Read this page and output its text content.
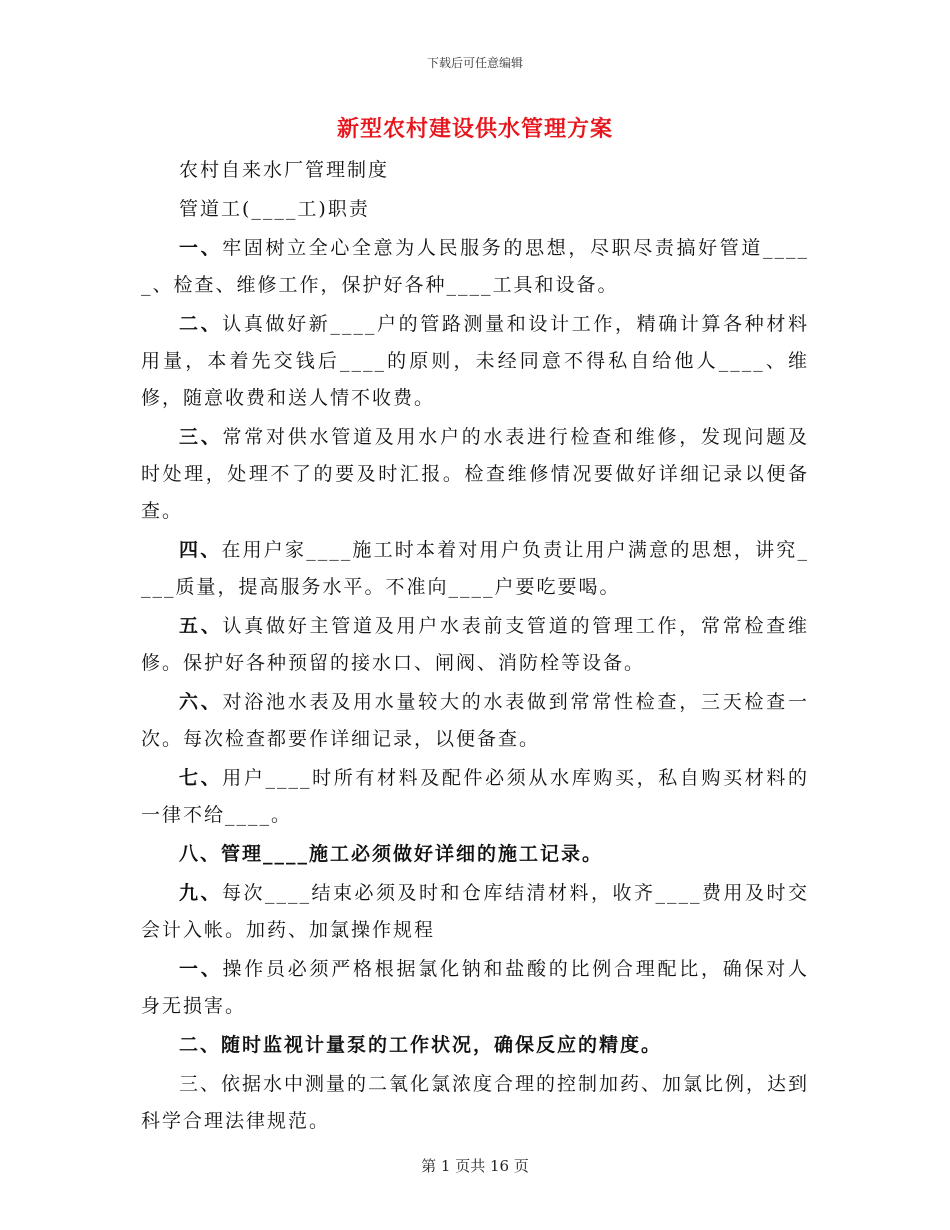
下载后可任意编辑
新型农村建设供水管理方案

农村自来水厂管理制度

管道工(____工)职责

一、牢固树立全心全意为人民服务的思想，尽职尽责搞好管道_____、检查、维修工作，保护好各种____工具和设备。

二、认真做好新____户的管路测量和设计工作，精确计算各种材料用量，本着先交钱后____的原则，未经同意不得私自给他人____、维修，随意收费和送人情不收费。

三、常常对供水管道及用水户的水表进行检查和维修，发现问题及时处理，处理不了的要及时汇报。检查维修情况要做好详细记录以便备查。

四、在用户家____施工时本着对用户负责让用户满意的思想，讲究____质量，提高服务水平。不准向____户要吃要喝。

五、认真做好主管道及用户水表前支管道的管理工作，常常检查维修。保护好各种预留的接水口、闸阀、消防栓等设备。

六、对浴池水表及用水量较大的水表做到常常性检查，三天检查一次。每次检查都要作详细记录，以便备查。

七、用户____时所有材料及配件必须从水库购买，私自购买材料的一律不给____。

八、管理____施工必须做好详细的施工记录。

九、每次____结束必须及时和仓库结清材料，收齐____费用及时交会计入帐。加药、加氯操作规程

一、操作员必须严格根据氯化钠和盐酸的比例合理配比，确保对人身无损害。

二、随时监视计量泵的工作状况，确保反应的精度。

三、依据水中测量的二氧化氯浓度合理的控制加药、加氯比例，达到科学合理法律规范。

第 1 页共 16 页
